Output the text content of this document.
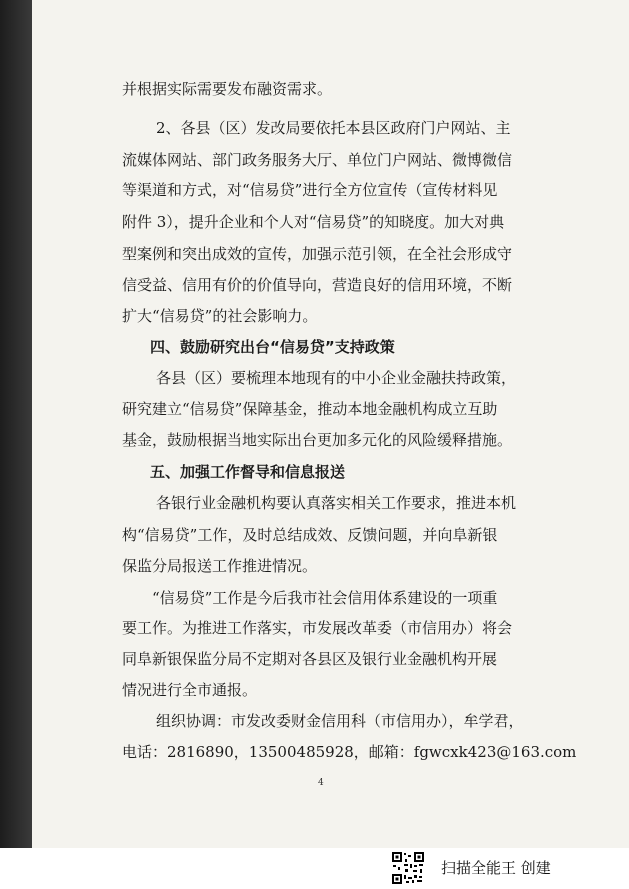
并根据实际需要发布融资需求。
2、各县（区）发改局要依托本县区政府门户网站、主
流媒体网站、部门政务服务大厅、单位门户网站、微博微信
等渠道和方式，对“信易贷”进行全方位宣传（宣传材料见
附件 3），提升企业和个人对“信易贷”的知晓度。加大对典
型案例和突出成效的宣传，加强示范引领，在全社会形成守
信受益、信用有价的价值导向，营造良好的信用环境，不断
扩大“信易贷”的社会影响力。
四、鼓励研究出台“信易贷”支持政策
各县（区）要梳理本地现有的中小企业金融扶持政策，
研究建立“信易贷”保障基金，推动本地金融机构成立互助
基金，鼓励根据当地实际出台更加多元化的风险缓释措施。
五、加强工作督导和信息报送
各银行业金融机构要认真落实相关工作要求，推进本机
构“信易贷”工作，及时总结成效、反馈问题，并向阜新银
保监分局报送工作推进情况。
“信易贷”工作是今后我市社会信用体系建设的一项重
要工作。为推进工作落实，市发展改革委（市信用办）将会
同阜新银保监分局不定期对各县区及银行业金融机构开展
情况进行全市通报。
组织协调：市发改委财金信用科（市信用办），牟学君，
电话：2816890，13500485928，邮箱：fgwcxk423@163.com
4
扫描全能王 创建
